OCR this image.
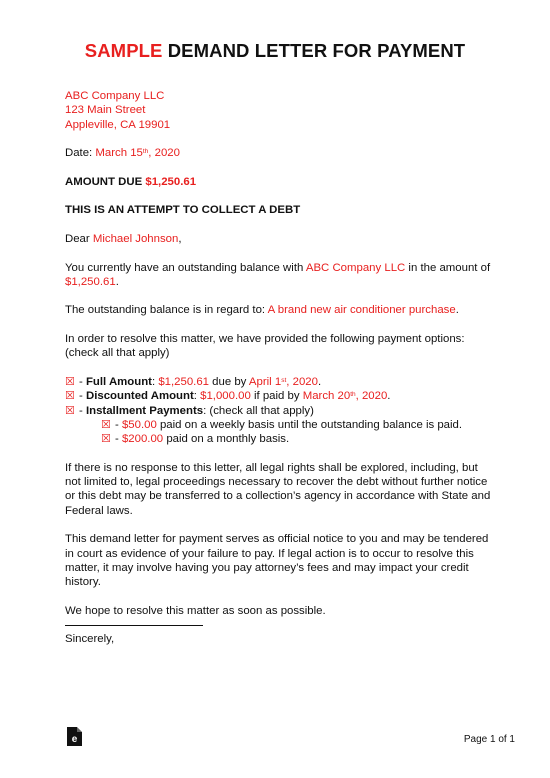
SAMPLE DEMAND LETTER FOR PAYMENT
ABC Company LLC
123 Main Street
Appleville, CA 19901
Date: March 15th, 2020
AMOUNT DUE $1,250.61
THIS IS AN ATTEMPT TO COLLECT A DEBT
Dear Michael Johnson,
You currently have an outstanding balance with ABC Company LLC in the amount of $1,250.61.
The outstanding balance is in regard to: A brand new air conditioner purchase.
In order to resolve this matter, we have provided the following payment options:
(check all that apply)
☒ - Full Amount: $1,250.61 due by April 1st, 2020.
☒ - Discounted Amount: $1,000.00 if paid by March 20th, 2020.
☒ - Installment Payments: (check all that apply)
☒ - $50.00 paid on a weekly basis until the outstanding balance is paid.
☒ - $200.00 paid on a monthly basis.
If there is no response to this letter, all legal rights shall be explored, including, but not limited to, legal proceedings necessary to recover the debt without further notice or this debt may be transferred to a collection’s agency in accordance with State and Federal laws.
This demand letter for payment serves as official notice to you and may be tendered in court as evidence of your failure to pay. If legal action is to occur to resolve this matter, it may involve having you pay attorney’s fees and may impact your credit history.
We hope to resolve this matter as soon as possible.
Sincerely,
e	Page 1 of 1
